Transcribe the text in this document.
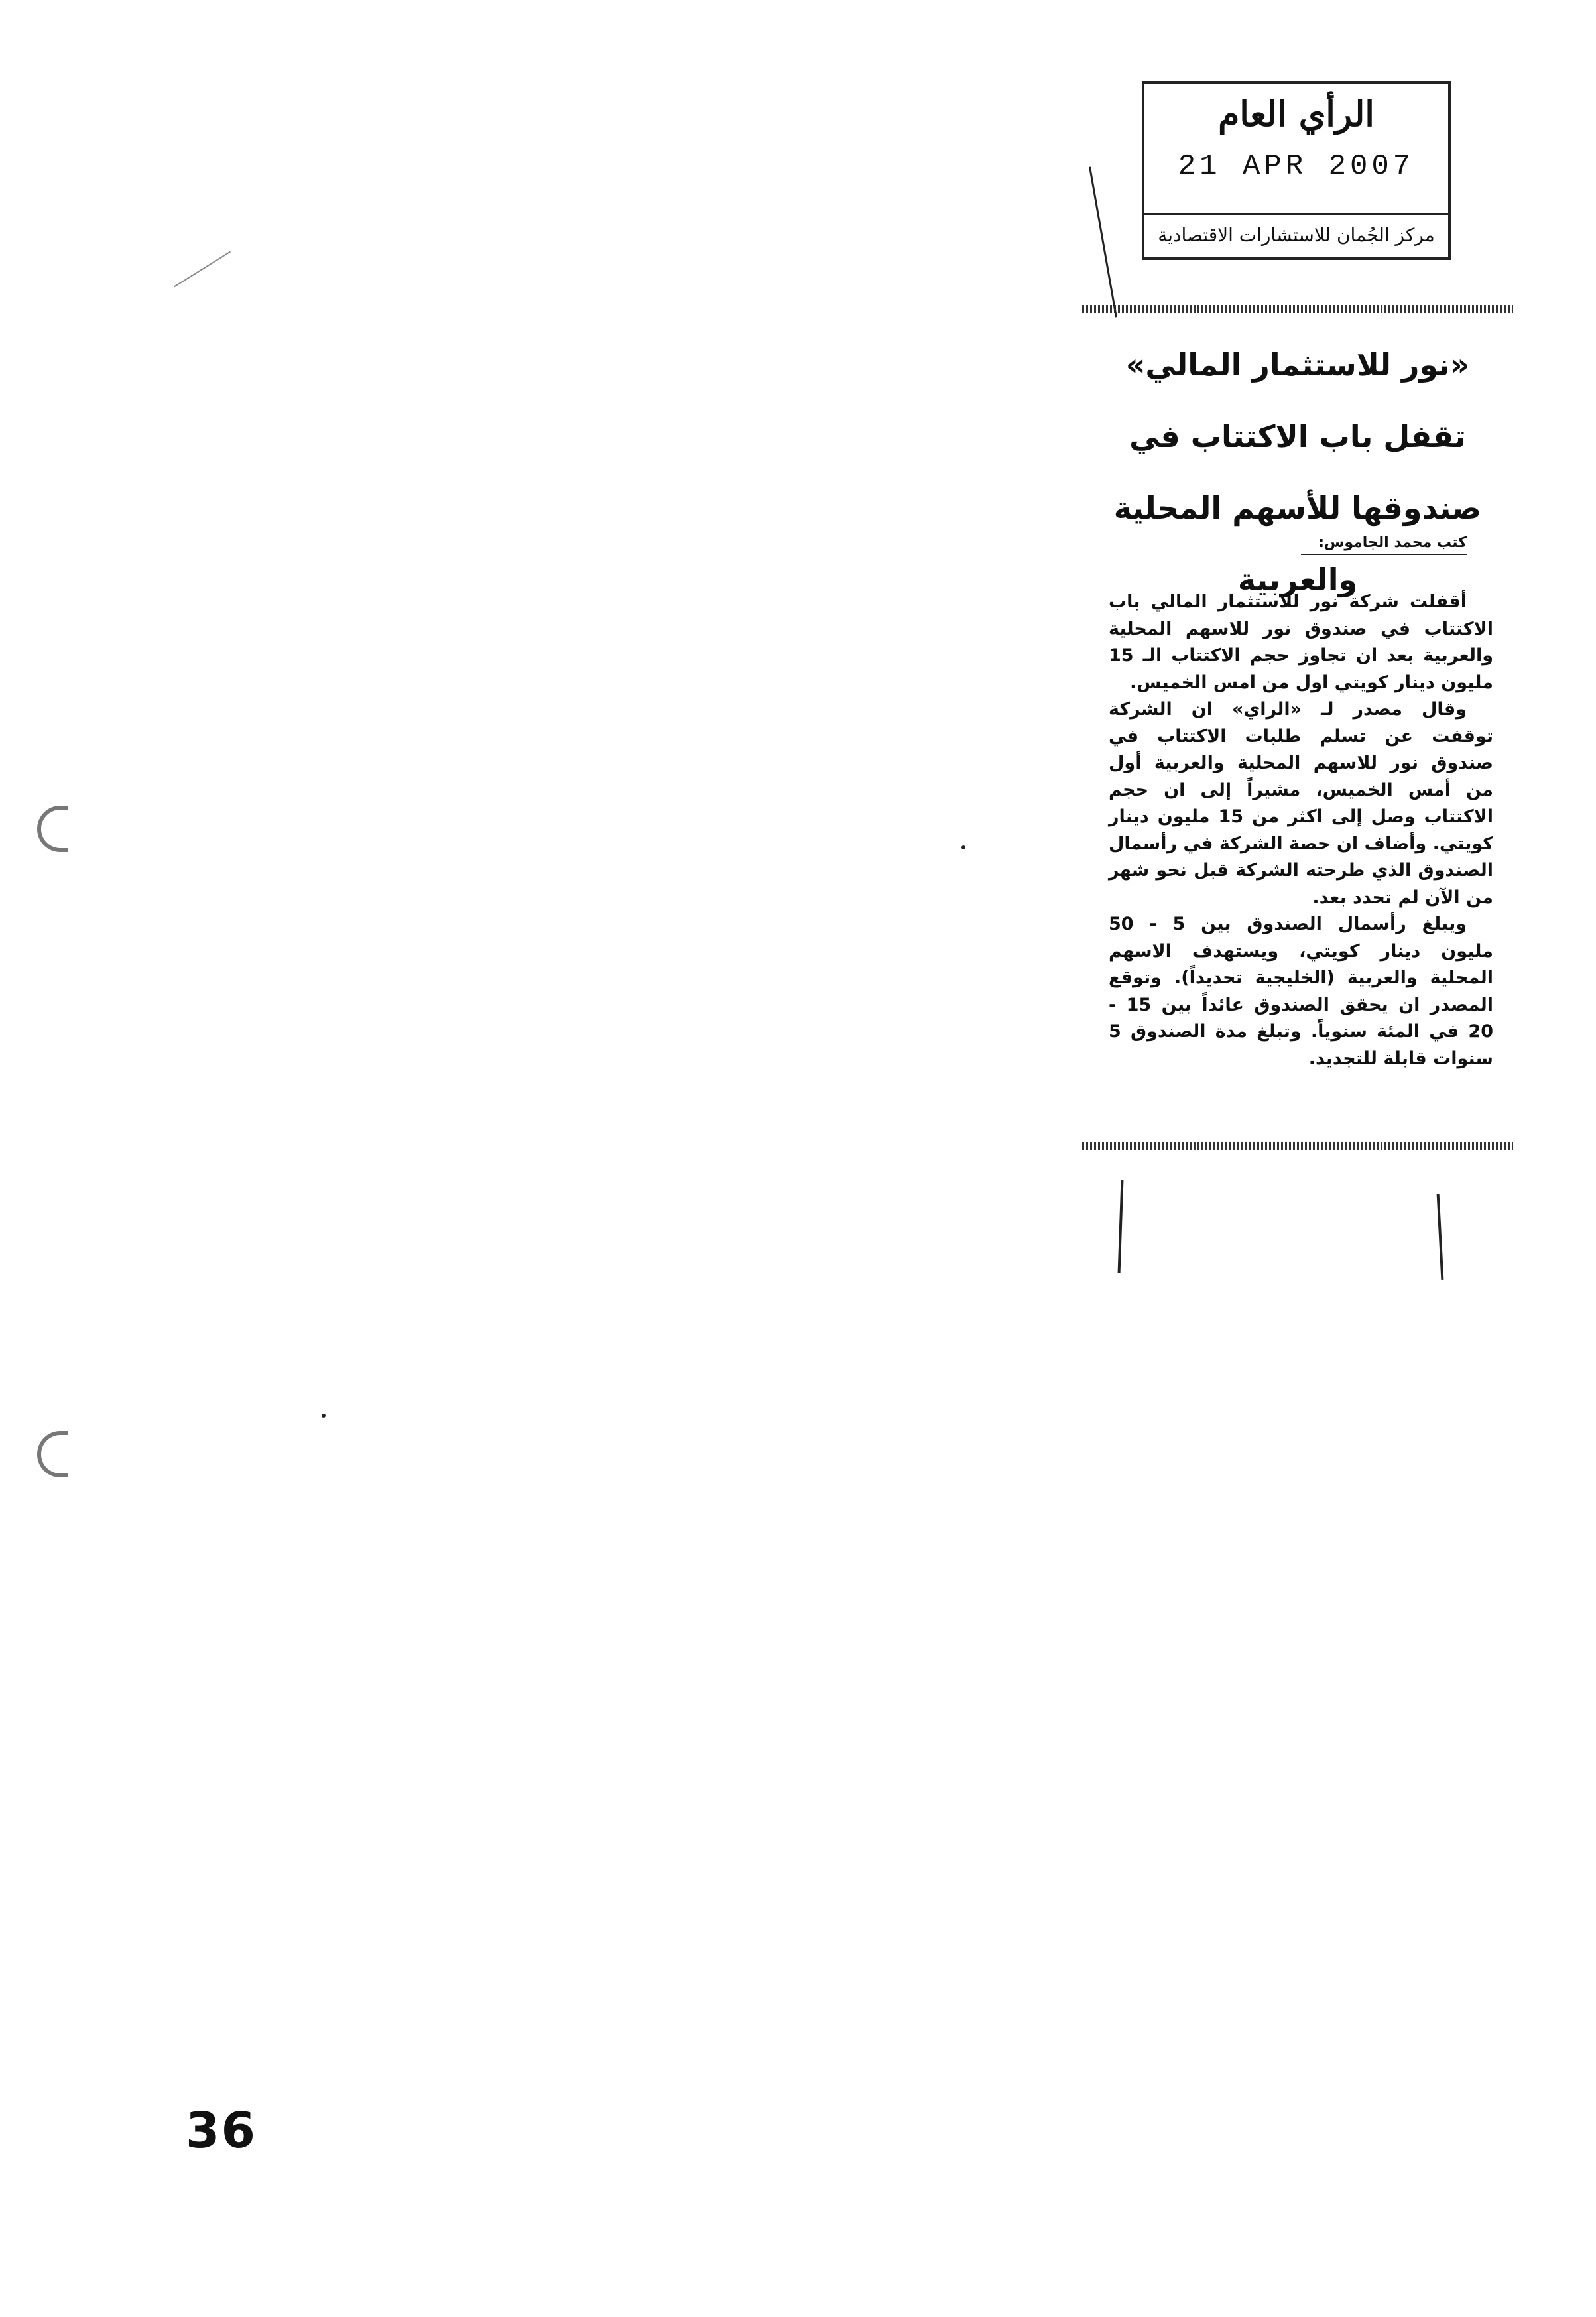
الرأي العام
21 APR 2007
مركز الجُمان للاستشارات الاقتصادية
«نور للاستثمار المالي» تقفل باب الاكتتاب في صندوقها للأسهم المحلية والعربية
كتب محمد الجاموس:

أقفلت شركة نور للاستثمار المالي باب الاكتتاب في صندوق نور للاسهم المحلية والعربية بعد ان تجاوز حجم الاكتتاب الـ 15 مليون دينار كويتي اول من امس الخميس.

وقال مصدر لـ «الراي» ان الشركة توقفت عن تسلم طلبات الاكتتاب في صندوق نور للاسهم المحلية والعربية أول من أمس الخميس، مشيراً إلى ان حجم الاكتتاب وصل إلى اكثر من 15 مليون دينار كويتي. وأضاف ان حصة الشركة في رأسمال الصندوق الذي طرحته الشركة قبل نحو شهر من الآن لم تحدد بعد.

ويبلغ رأسمال الصندوق بين 5 - 50 مليون دينار كويتي، ويستهدف الاسهم المحلية والعربية (الخليجية تحديداً). وتوقع المصدر ان يحقق الصندوق عائداً بين 15 - 20 في المئة سنوياً. وتبلغ مدة الصندوق 5 سنوات قابلة للتجديد.

36
